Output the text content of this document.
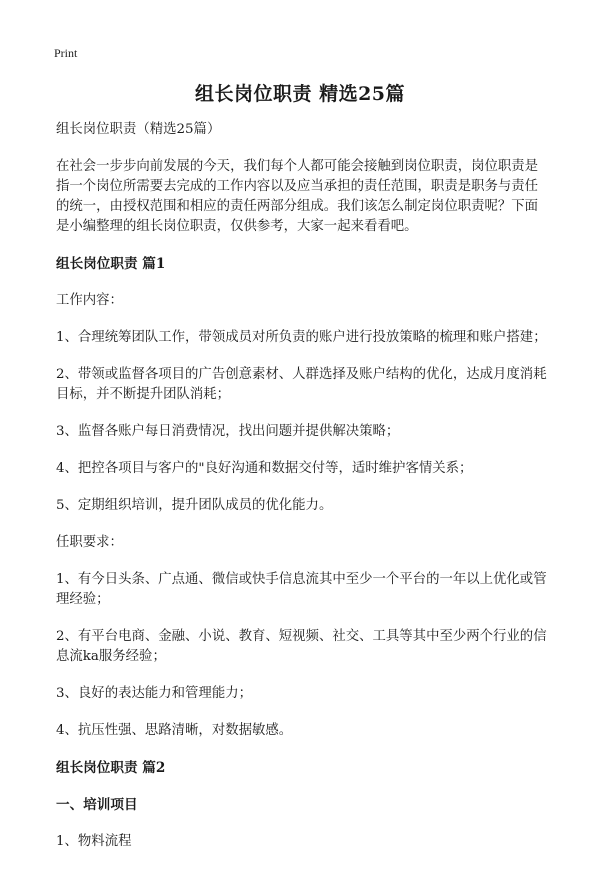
Print
组长岗位职责 精选25篇

组长岗位职责（精选25篇）

在社会一步步向前发展的今天，我们每个人都可能会接触到岗位职责，岗位职责是指一个岗位所需要去完成的工作内容以及应当承担的责任范围，职责是职务与责任的统一，由授权范围和相应的责任两部分组成。我们该怎么制定岗位职责呢？下面是小编整理的组长岗位职责，仅供参考，大家一起来看看吧。

组长岗位职责 篇1

工作内容：

1、合理统筹团队工作，带领成员对所负责的账户进行投放策略的梳理和账户搭建；

2、带领或监督各项目的广告创意素材、人群选择及账户结构的优化，达成月度消耗目标，并不断提升团队消耗；

3、监督各账户每日消费情况，找出问题并提供解决策略；

4、把控各项目与客户的"良好沟通和数据交付等，适时维护客情关系；

5、定期组织培训，提升团队成员的优化能力。

任职要求：

1、有今日头条、广点通、微信或快手信息流其中至少一个平台的一年以上优化或管理经验；

2、有平台电商、金融、小说、教育、短视频、社交、工具等其中至少两个行业的信息流ka服务经验；

3、良好的表达能力和管理能力；

4、抗压性强、思路清晰，对数据敏感。

组长岗位职责 篇2

一、培训项目

1、物料流程
